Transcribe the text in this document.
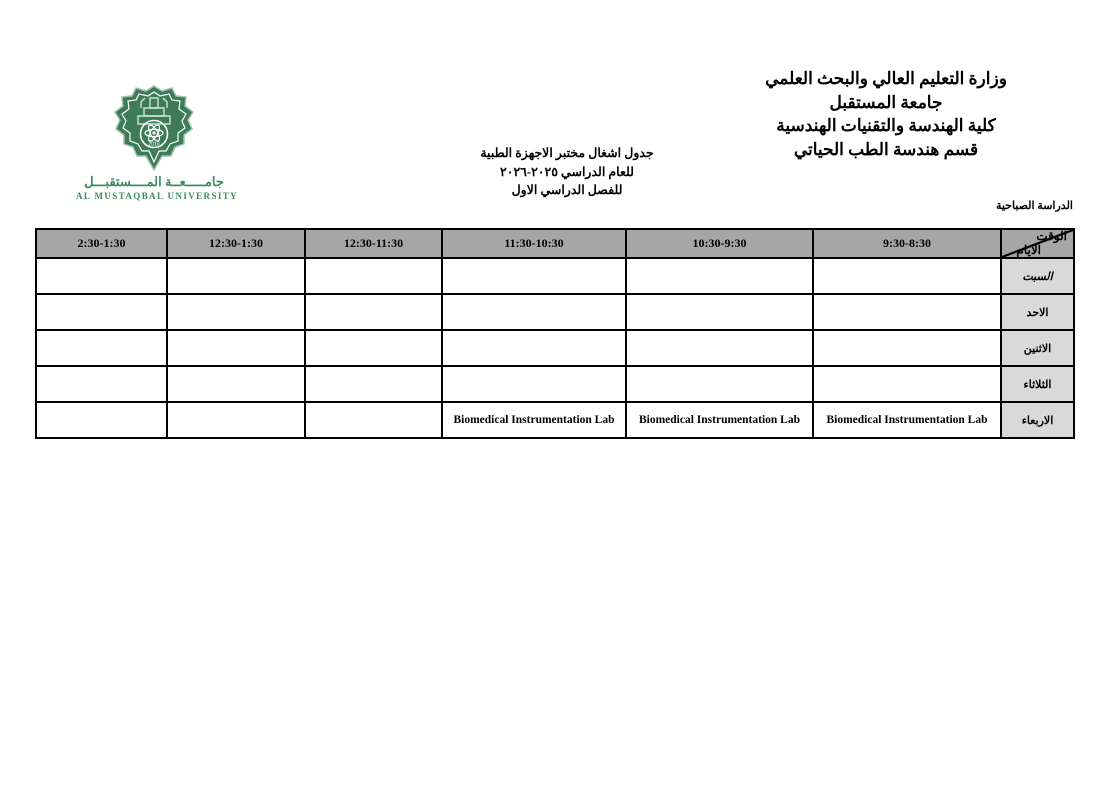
2010
جامـــــعــة المــــستقبـــل
AL MUSTAQBAL UNIVERSITY
وزارة التعليم العالي والبحث العلمي
جامعة المستقبل
كلية الهندسة والتقنيات الهندسية
قسم هندسة الطب الحياتي
جدول اشغال مختبر الاجهزة الطبية
للعام الدراسي ٢٠٢٥-٢٠٢٦
للفصل الدراسي الاول
الدراسة الصباحية
2:30-1:30	12:30-1:30	12:30-11:30	11:30-10:30	10:30-9:30	9:30-8:30	الوقت
الايام

						السبت
						الاحد
						الاثنين
						الثلاثاء
			Biomedical Instrumentation Lab	Biomedical Instrumentation Lab	Biomedical Instrumentation Lab	الاربعاء
